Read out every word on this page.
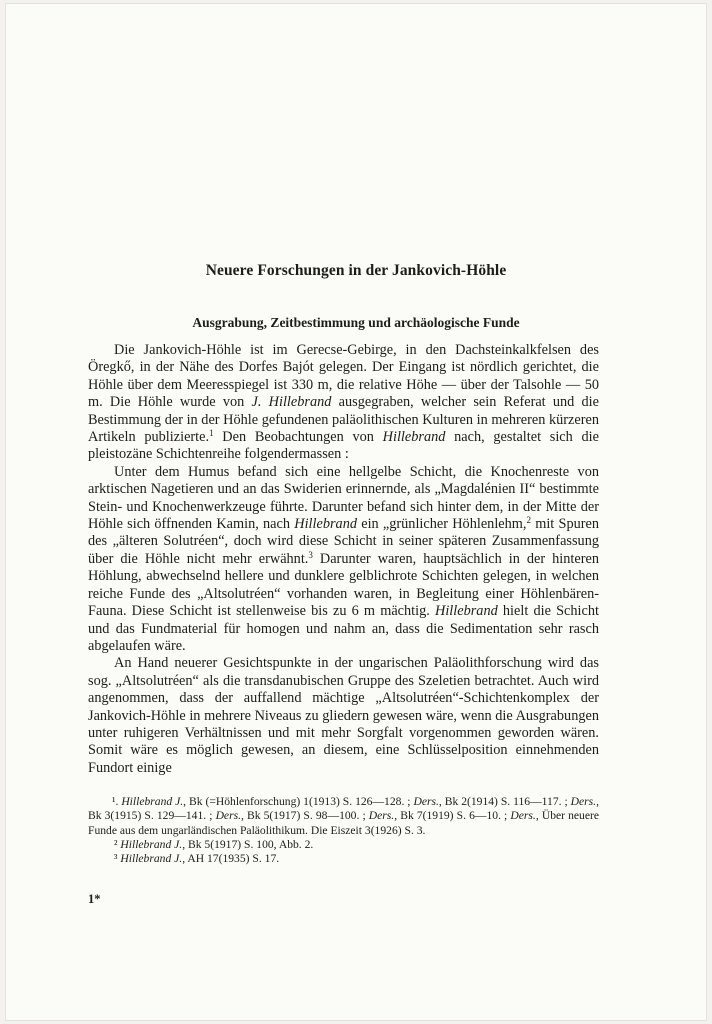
Neuere Forschungen in der Jankovich-Höhle
Ausgrabung, Zeitbestimmung und archäologische Funde

Die Jankovich-Höhle ist im Gerecse-Gebirge, in den Dachsteinkalkfelsen des Öregkő, in der Nähe des Dorfes Bajót gelegen. Der Eingang ist nördlich gerichtet, die Höhle über dem Meeresspiegel ist 330 m, die relative Höhe — über der Talsohle — 50 m. Die Höhle wurde von J. Hillebrand ausgegraben, welcher sein Referat und die Bestimmung der in der Höhle gefundenen paläolithischen Kulturen in mehreren kürzeren Artikeln publizierte.$^1$ Den Beobachtungen von Hillebrand nach, gestaltet sich die pleistozäne Schichtenreihe folgendermassen :

Unter dem Humus befand sich eine hellgelbe Schicht, die Knochenreste von arktischen Nagetieren und an das Swiderien erinnernde, als „Magdalénien II“ bestimmte Stein- und Knochenwerkzeuge führte. Darunter befand sich hinter dem, in der Mitte der Höhle sich öffnenden Kamin, nach Hillebrand ein „grünlicher Höhlenlehm,$^2$ mit Spuren des „älteren Solutréen“, doch wird diese Schicht in seiner späteren Zusammenfassung über die Höhle nicht mehr erwähnt.$^3$ Darunter waren, hauptsächlich in der hinteren Höhlung, abwechselnd hellere und dunklere gelblichrote Schichten gelegen, in welchen reiche Funde des „Altsolutréen“ vorhanden waren, in Begleitung einer Höhlenbären-Fauna. Diese Schicht ist stellenweise bis zu 6 m mächtig. Hillebrand hielt die Schicht und das Fundmaterial für homogen und nahm an, dass die Sedimentation sehr rasch abgelaufen wäre.

An Hand neuerer Gesichtspunkte in der ungarischen Paläolithforschung wird das sog. „Altsolutréen“ als die transdanubischen Gruppe des Szeletien betrachtet. Auch wird angenommen, dass der auffallend mächtige „Altsolutréen“-Schichtenkomplex der Jankovich-Höhle in mehrere Niveaus zu gliedern gewesen wäre, wenn die Ausgrabungen unter ruhigeren Verhältnissen und mit mehr Sorgfalt vorgenommen geworden wären. Somit wäre es möglich gewesen, an diesem, eine Schlüsselposition einnehmenden Fundort einige

¹. Hillebrand J., Bk (=Höhlenforschung) 1(1913) S. 126—128. ; Ders., Bk 2(1914) S. 116—117. ; Ders., Bk 3(1915) S. 129—141. ; Ders., Bk 5(1917) S. 98—100. ; Ders., Bk 7(1919) S. 6—10. ; Ders., Über neuere Funde aus dem ungarländischen Paläolithikum. Die Eiszeit 3(1926) S. 3.

² Hillebrand J., Bk 5(1917) S. 100, Abb. 2.

³ Hillebrand J., AH 17(1935) S. 17.

1*
